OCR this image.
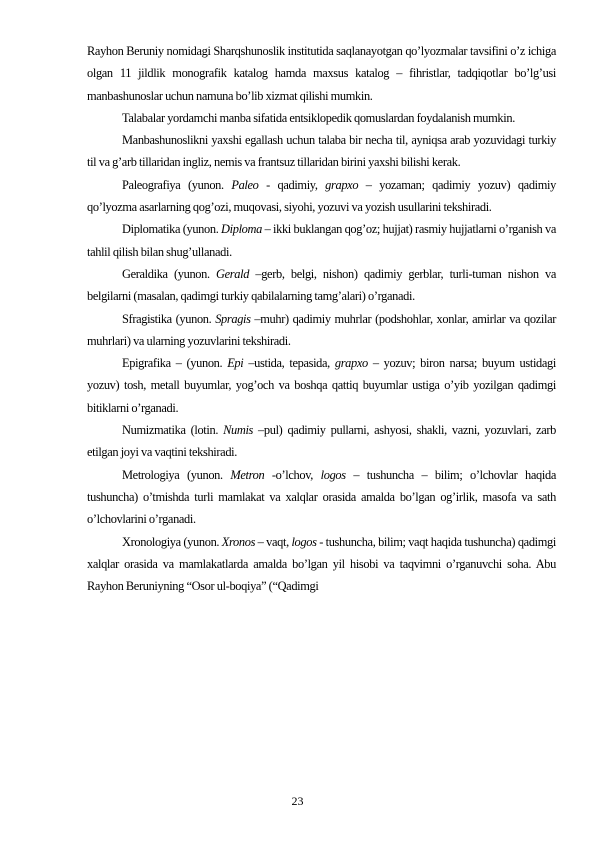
Rayhon Beruniy nomidagi Sharqshunoslik institutida saqlanayotgan qo’lyozmalar tavsifini o’z ichiga olgan 11 jildlik monografik katalog hamda maxsus katalog – fihristlar, tadqiqotlar bo’lg’usi manbashunoslar uchun namuna bo’lib xizmat qilishi mumkin.

Talabalar yordamchi manba sifatida entsiklopedik qomuslardan foydalanish mumkin.

Manbashunoslikni yaxshi egallash uchun talaba bir necha til, ayniqsa arab yozuvidagi turkiy til va g’arb tillaridan ingliz, nemis va frantsuz tillaridan birini yaxshi bilishi kerak.

Paleografiya (yunon. Paleo - qadimiy, grapxo – yozaman; qadimiy yozuv) qadimiy qo’lyozma asarlarning qog’ozi, muqovasi, siyohi, yozuvi va yozish usullarini tekshiradi.

Diplomatika (yunon. Diploma – ikki buklangan qog’oz; hujjat) rasmiy hujjatlarni o’rganish va tahlil qilish bilan shug’ullanadi.

Geraldika (yunon. Gerald –gerb, belgi, nishon) qadimiy gerblar, turli-tuman nishon va belgilarni (masalan, qadimgi turkiy qabilalarning tamg’alari) o’rganadi.

Sfragistika (yunon. Spragis –muhr) qadimiy muhrlar (podshohlar, xonlar, amirlar va qozilar muhrlari) va ularning yozuvlarini tekshiradi.

Epigrafika – (yunon. Epi –ustida, tepasida, grapxo – yozuv; biron narsa; buyum ustidagi yozuv) tosh, metall buyumlar, yog’och va boshqa qattiq buyumlar ustiga o’yib yozilgan qadimgi bitiklarni o’rganadi.

Numizmatika (lotin. Numis –pul) qadimiy pullarni, ashyosi, shakli, vazni, yozuvlari, zarb etilgan joyi va vaqtini tekshiradi.

Metrologiya (yunon. Metron -o’lchov, logos – tushuncha – bilim; o’lchovlar haqida tushuncha) o’tmishda turli mamlakat va xalqlar orasida amalda bo’lgan og’irlik, masofa va sath o’lchovlarini o’rganadi.

Xronologiya (yunon. Xronos – vaqt, logos - tushuncha, bilim; vaqt haqida tushuncha) qadimgi xalqlar orasida va mamlakatlarda amalda bo’lgan yil hisobi va taqvimni o’rganuvchi soha. Abu Rayhon Beruniyning “Osor ul-boqiya” (“Qadimgi

23
